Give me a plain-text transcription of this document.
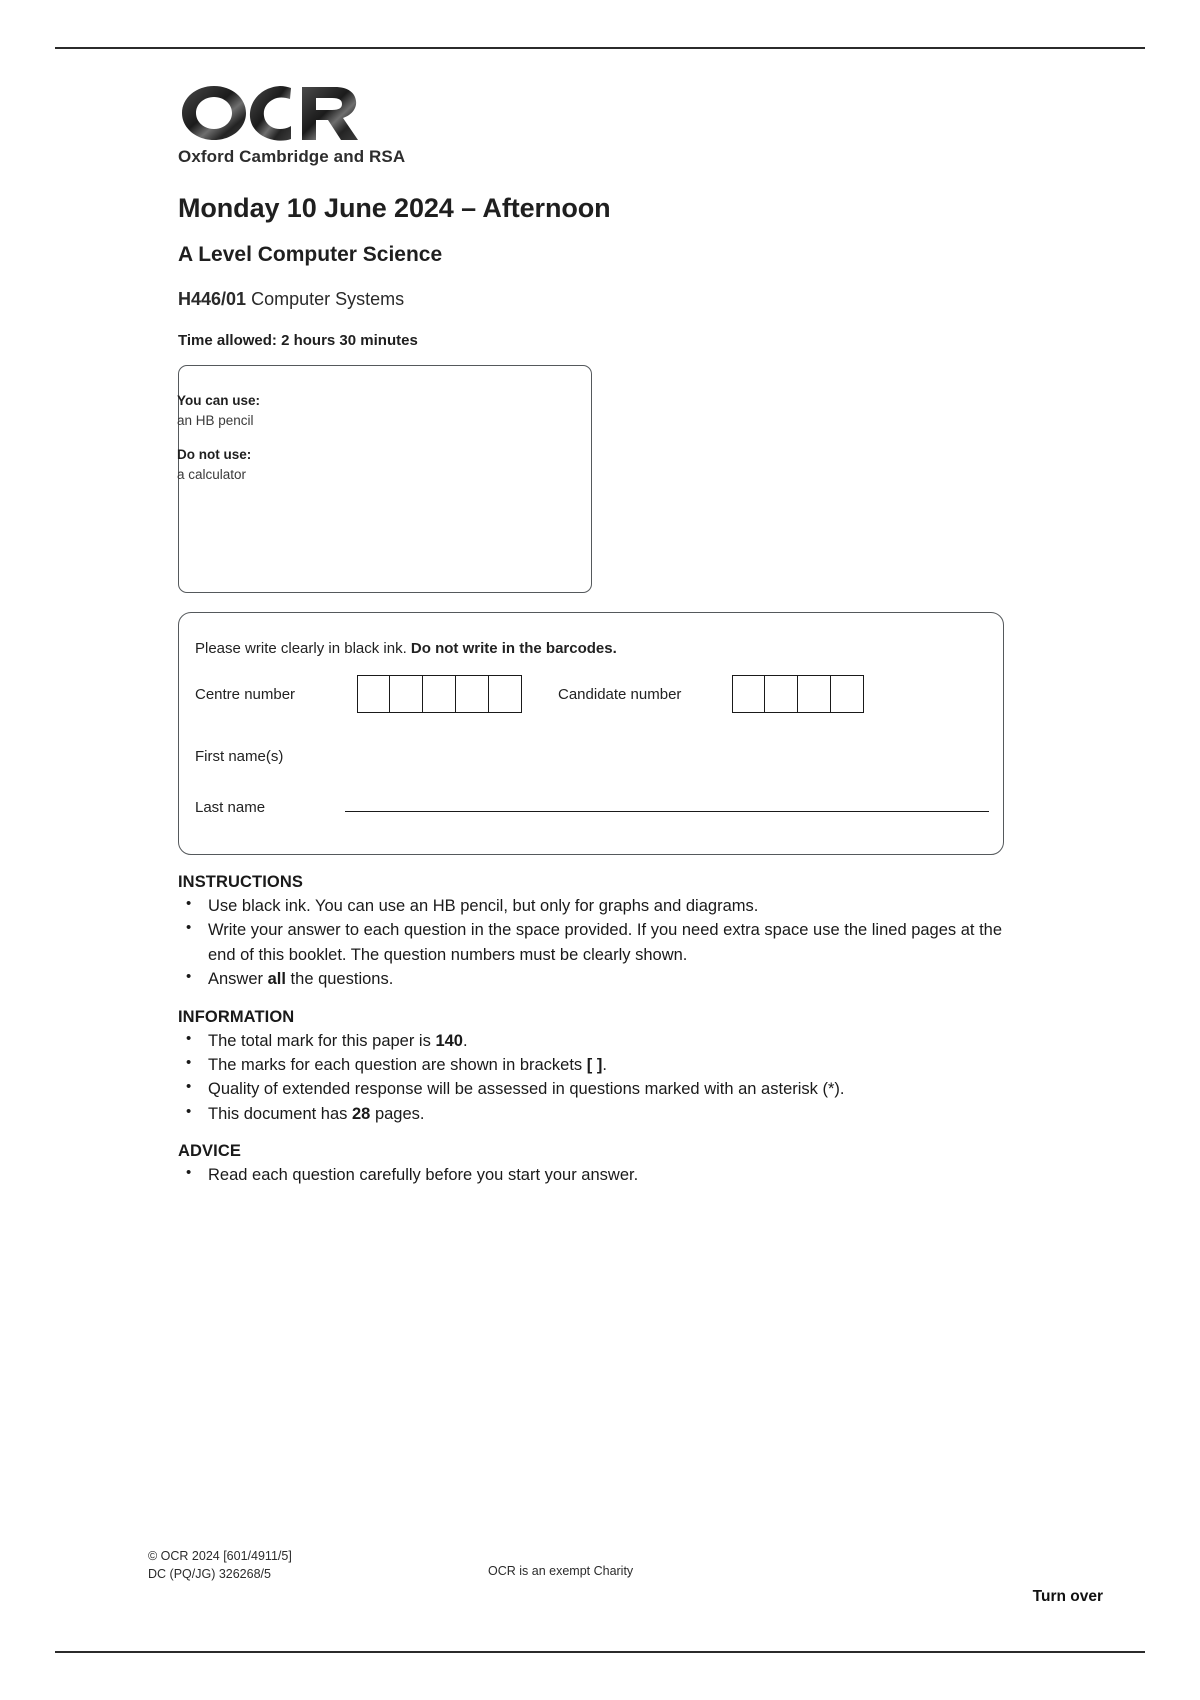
Oxford Cambridge and RSA
Monday 10 June 2024 – Afternoon
A Level Computer Science
H446/01 Computer Systems
Time allowed: 2 hours 30 minutes
You can use:
an HB pencil
Do not use:
a calculator
Please write clearly in black ink. Do not write in the barcodes.
Centre number	Candidate number
First name(s)
Last name
INSTRUCTIONS
• Use black ink. You can use an HB pencil, but only for graphs and diagrams.
• Write your answer to each question in the space provided. If you need extra space use the lined pages at the end of this booklet. The question numbers must be clearly shown.
• Answer all the questions.
INFORMATION
• The total mark for this paper is 140.
• The marks for each question are shown in brackets [ ].
• Quality of extended response will be assessed in questions marked with an asterisk (*).
• This document has 28 pages.
ADVICE
• Read each question carefully before you start your answer.
© OCR 2024 [601/4911/5]
DC (PQ/JG) 326268/5	OCR is an exempt Charity
Turn over
